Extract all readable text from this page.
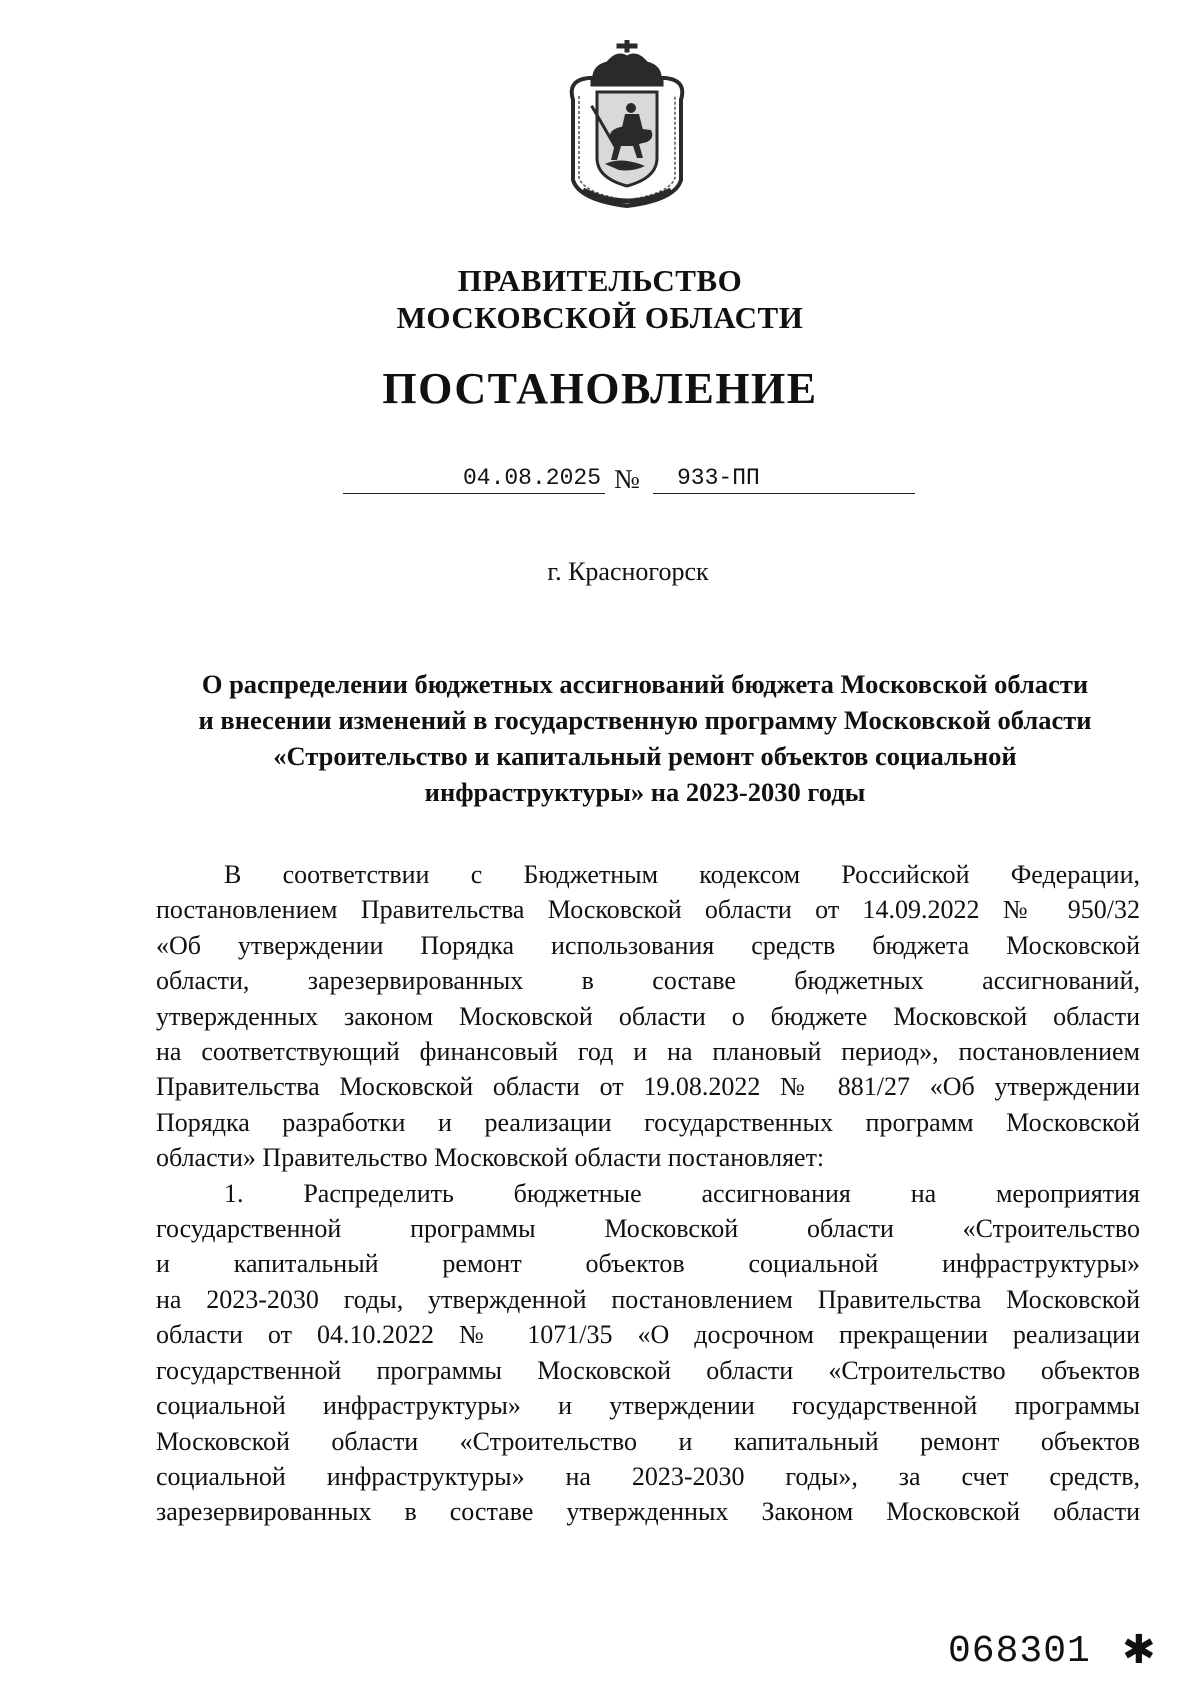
ПРАВИТЕЛЬСТВО
МОСКОВСКОЙ ОБЛАСТИ
ПОСТАНОВЛЕНИЕ
04.08.2025 №	933-ПП
г. Красногорск
О распределении бюджетных ассигнований бюджета Московской области
и внесении изменений в государственную программу Московской области
«Строительство и капитальный ремонт объектов социальной
инфраструктуры» на 2023-2030 годы
В соответствии с Бюджетным кодексом Российской Федерации,
постановлением Правительства Московской области от 14.09.2022 № 950/32
«Об утверждении Порядка использования средств бюджета Московской
области, зарезервированных в составе бюджетных ассигнований,
утвержденных законом Московской области о бюджете Московской области
на соответствующий финансовый год и на плановый период», постановлением
Правительства Московской области от 19.08.2022 № 881/27 «Об утверждении
Порядка разработки и реализации государственных программ Московской
области» Правительство Московской области постановляет:
1. Распределить бюджетные ассигнования на мероприятия
государственной программы Московской области «Строительство
и капитальный ремонт объектов социальной инфраструктуры»
на 2023-2030 годы, утвержденной постановлением Правительства Московской
области от 04.10.2022 № 1071/35 «О досрочном прекращении реализации
государственной программы Московской области «Строительство объектов
социальной инфраструктуры» и утверждении государственной программы
Московской области «Строительство и капитальный ремонт объектов
социальной инфраструктуры» на 2023-2030 годы», за счет средств,
зарезервированных в составе утвержденных Законом Московской области
068301 ✱
